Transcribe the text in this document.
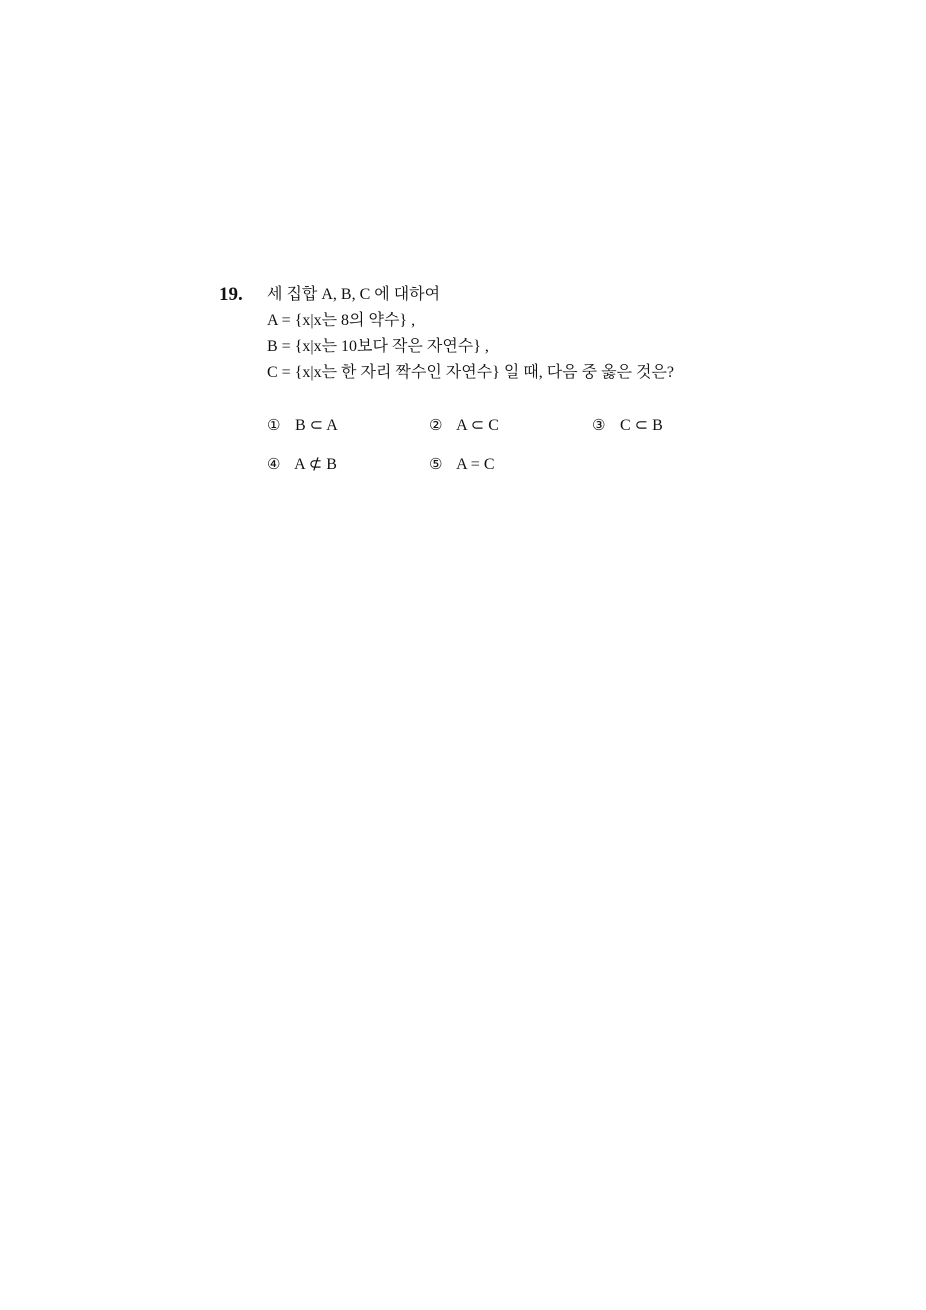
19. 세 집합 A, B, C 에 대하여
A = {x|x는 8의 약수} ,
B = {x|x는 10보다 작은 자연수} ,
C = {x|x는 한 자리 짝수인 자연수} 일 때, 다음 중 옳은 것은?
① B ⊂ A	② A ⊂ C	③ C ⊂ B
④ A ⊄ B	⑤ A = C
